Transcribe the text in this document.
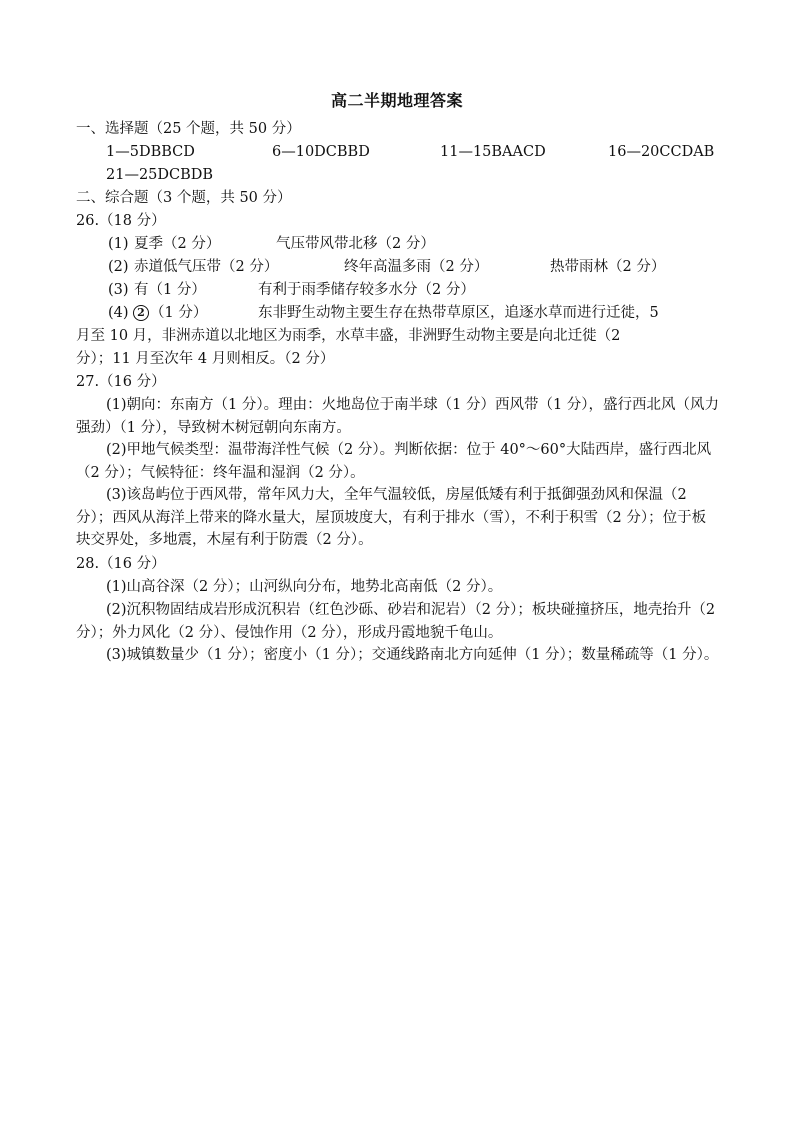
高二半期地理答案
一、选择题（25 个题，共 50 分）
1—5DBBCD	6—10DCBBD	11—15BAACD	16—20CCDAB
21—25DCBDB
二、综合题（3 个题，共 50 分）
26.（18 分）
(1) 夏季（2 分）	气压带风带北移（2 分）
(2) 赤道低气压带（2 分）	终年高温多雨（2 分）	热带雨林（2 分）
(3) 有（1 分）	有利于雨季储存较多水分（2 分）
(4) 2 （1 分）	东非野生动物主要生存在热带草原区，追逐水草而进行迁徙，5
月至 10 月，非洲赤道以北地区为雨季，水草丰盛，非洲野生动物主要是向北迁徙（2
分）；11 月至次年 4 月则相反。（2 分）
27.（16 分）
(1)朝向：东南方（1 分）。理由：火地岛位于南半球（1 分）西风带（1 分），盛行西北风（风力强劲）（1 分），导致树木树冠朝向东南方。
(2)甲地气候类型：温带海洋性气候（2 分）。判断依据：位于 40°～60°大陆西岸，盛行西北风（2 分）；气候特征：终年温和湿润（2 分）。
(3)该岛屿位于西风带，常年风力大，全年气温较低，房屋低矮有利于抵御强劲风和保温（2 分）；西风从海洋上带来的降水量大，屋顶坡度大，有利于排水（雪），不利于积雪（2 分）；位于板块交界处，多地震，木屋有利于防震（2 分）。
28.（16 分）
(1)山高谷深（2 分）；山河纵向分布，地势北高南低（2 分）。
(2)沉积物固结成岩形成沉积岩（红色沙砾、砂岩和泥岩）（2 分）；板块碰撞挤压，地壳抬升（2 分）；外力风化（2 分）、侵蚀作用（2 分），形成丹霞地貌千龟山。
(3)城镇数量少（1 分）；密度小（1 分）；交通线路南北方向延伸（1 分）；数量稀疏等（1 分）。
